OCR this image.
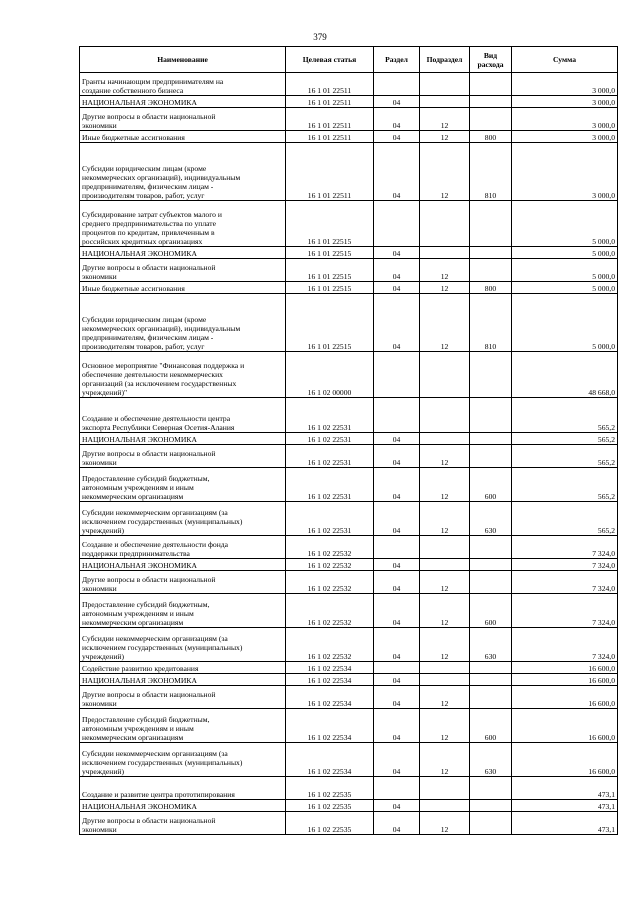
379
Наименование	Целевая статья	Раздел	Подраздел	Вид расхода	Сумма
Гранты начинающим предпринимателям на
создание собственного бизнеса	16 1 01 22511				3 000,0
НАЦИОНАЛЬНАЯ ЭКОНОМИКА	16 1 01 22511	04			3 000,0
Другие вопросы в области национальной
экономики	16 1 01 22511	04	12		3 000,0
Иные бюджетные ассигнования	16 1 01 22511	04	12	800	3 000,0
Субсидии юридическим лицам (кроме
некоммерческих организаций), индивидуальным
предпринимателям, физическим лицам -
производителям товаров, работ, услуг	16 1 01 22511	04	12	810	3 000,0
Субсидирование затрат субъектов малого и
среднего предпринимательства по уплате
процентов по кредитам, привлеченным в
российских кредитных организациях	16 1 01 22515				5 000,0
НАЦИОНАЛЬНАЯ ЭКОНОМИКА	16 1 01 22515	04			5 000,0
Другие вопросы в области национальной
экономики	16 1 01 22515	04	12		5 000,0
Иные бюджетные ассигнования	16 1 01 22515	04	12	800	5 000,0
Субсидии юридическим лицам (кроме
некоммерческих организаций), индивидуальным
предпринимателям, физическим лицам -
производителям товаров, работ, услуг	16 1 01 22515	04	12	810	5 000,0
Основное мероприятие "Финансовая поддержка и
обеспечение деятельности некоммерческих
организаций (за исключением государственных
учреждений)"	16 1 02 00000				48 668,0
Создание и обеспечение деятельности центра
экспорта Республики Северная Осетия-Алания	16 1 02 22531				565,2
НАЦИОНАЛЬНАЯ ЭКОНОМИКА	16 1 02 22531	04			565,2
Другие вопросы в области национальной
экономики	16 1 02 22531	04	12		565,2
Предоставление субсидий бюджетным,
автономным учреждениям и иным
некоммерческим организациям	16 1 02 22531	04	12	600	565,2
Субсидии некоммерческим организациям (за
исключением государственных (муниципальных)
учреждений)	16 1 02 22531	04	12	630	565,2
Создание и обеспечение деятельности фонда
поддержки предпринимательства	16 1 02 22532				7 324,0
НАЦИОНАЛЬНАЯ ЭКОНОМИКА	16 1 02 22532	04			7 324,0
Другие вопросы в области национальной
экономики	16 1 02 22532	04	12		7 324,0
Предоставление субсидий бюджетным,
автономным учреждениям и иным
некоммерческим организациям	16 1 02 22532	04	12	600	7 324,0
Субсидии некоммерческим организациям (за
исключением государственных (муниципальных)
учреждений)	16 1 02 22532	04	12	630	7 324,0
Содействие развитию кредитования	16 1 02 22534				16 600,0
НАЦИОНАЛЬНАЯ ЭКОНОМИКА	16 1 02 22534	04			16 600,0
Другие вопросы в области национальной
экономики	16 1 02 22534	04	12		16 600,0
Предоставление субсидий бюджетным,
автономным учреждениям и иным
некоммерческим организациям	16 1 02 22534	04	12	600	16 600,0
Субсидии некоммерческим организациям (за
исключением государственных (муниципальных)
учреждений)	16 1 02 22534	04	12	630	16 600,0
Создание и развитие центра прототипирования	16 1 02 22535				473,1
НАЦИОНАЛЬНАЯ ЭКОНОМИКА	16 1 02 22535	04			473,1
Другие вопросы в области национальной
экономики	16 1 02 22535	04	12		473,1
